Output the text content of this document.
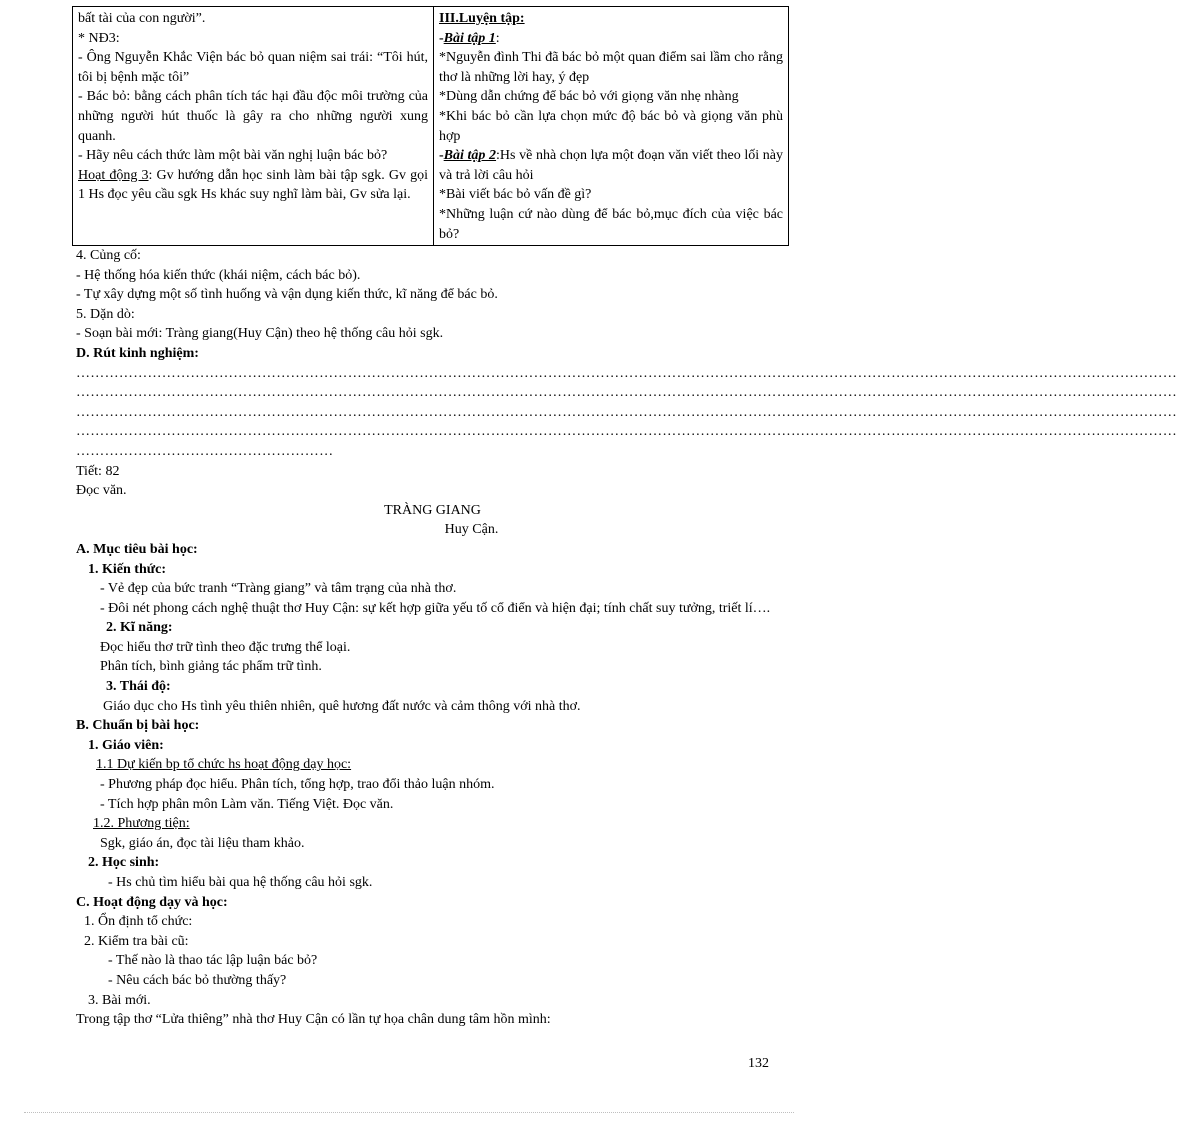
bất tài của con người”.
* NĐ3:
- Ông Nguyễn Khắc Viện bác bỏ quan niệm sai trái: “Tôi hút, tôi bị bệnh mặc tôi”
- Bác bỏ: bằng cách phân tích tác hại đầu độc môi trường của những người hút thuốc là gây ra cho những người xung quanh.
- Hãy nêu cách thức làm một bài văn nghị luận bác bỏ?
Hoạt động 3: Gv hướng dẫn học sinh làm bài tập sgk. Gv gọi 1 Hs đọc yêu cầu sgk Hs khác suy nghĩ làm bài, Gv sửa lại.

III.Luyện tập:
-Bài tập 1:
*Nguyễn đình Thi đã bác bỏ một quan điểm sai lầm cho rằng thơ là những lời hay, ý đẹp
*Dùng dẫn chứng để bác bỏ với giọng văn nhẹ nhàng
*Khi bác bỏ cần lựa chọn mức độ bác bỏ và giọng văn phù hợp
-Bài tập 2:Hs về nhà chọn lựa một đoạn văn viết theo lối này và trả lời câu hỏi
*Bài viết bác bỏ vấn đề gì?
*Những luận cứ nào dùng để bác bỏ,mục đích của việc bác bỏ?
4. Củng cố:
- Hệ thống hóa kiến thức (khái niệm, cách bác bỏ).
- Tự xây dựng một số tình huống và vận dụng kiến thức, kĩ năng để bác bỏ.
5. Dặn dò:
- Soạn bài mới: Tràng giang(Huy Cận) theo hệ thống câu hỏi sgk.
D. Rút kinh nghiệm:
……………………………………………………………………………………………………………………………………………………………………………………………………………
……………………………………………………………………………………………………………………………………………………………………………………………………………
……………………………………………………………………………………………………………………………………………………………………………………………………………
……………………………………………………………………………………………………………………………………………………………………………………………………………
………………………………………………
Tiết: 82
Đọc văn.
TRÀNG GIANG
Huy Cận.
A. Mục tiêu bài học:
1. Kiến thức:
- Vẻ đẹp của bức tranh “Tràng giang” và tâm trạng của nhà thơ.
- Đôi nét phong cách nghệ thuật thơ Huy Cận: sự kết hợp giữa yếu tố cổ điển và hiện đại; tính chất suy tưởng, triết lí….
2. Kĩ năng:
Đọc hiểu thơ trữ tình theo đặc trưng thể loại.
Phân tích, bình giảng tác phẩm trữ tình.
3. Thái độ:
Giáo dục cho Hs tình yêu thiên nhiên, quê hương đất nước và cảm thông với nhà thơ.
B. Chuẩn bị bài học:
1. Giáo viên:
1.1 Dự kiến bp tổ chức hs hoạt động dạy học:
- Phương pháp đọc hiểu. Phân tích, tổng hợp, trao đổi thảo luận nhóm.
- Tích hợp phân môn Làm văn. Tiếng Việt. Đọc văn.
1.2. Phương tiện:
Sgk, giáo án, đọc tài liệu tham khảo.
2. Học sinh:
- Hs chủ tìm hiểu bài qua hệ thống câu hỏi sgk.
C. Hoạt động dạy và học:
1. Ổn định tổ chức:
2. Kiểm tra bài cũ:
- Thế nào là thao tác lập luận bác bỏ?
- Nêu cách bác bỏ thường thấy?
3. Bài mới.
Trong tập thơ “Lửa thiêng” nhà thơ Huy Cận có lần tự họa chân dung tâm hồn mình:
132
